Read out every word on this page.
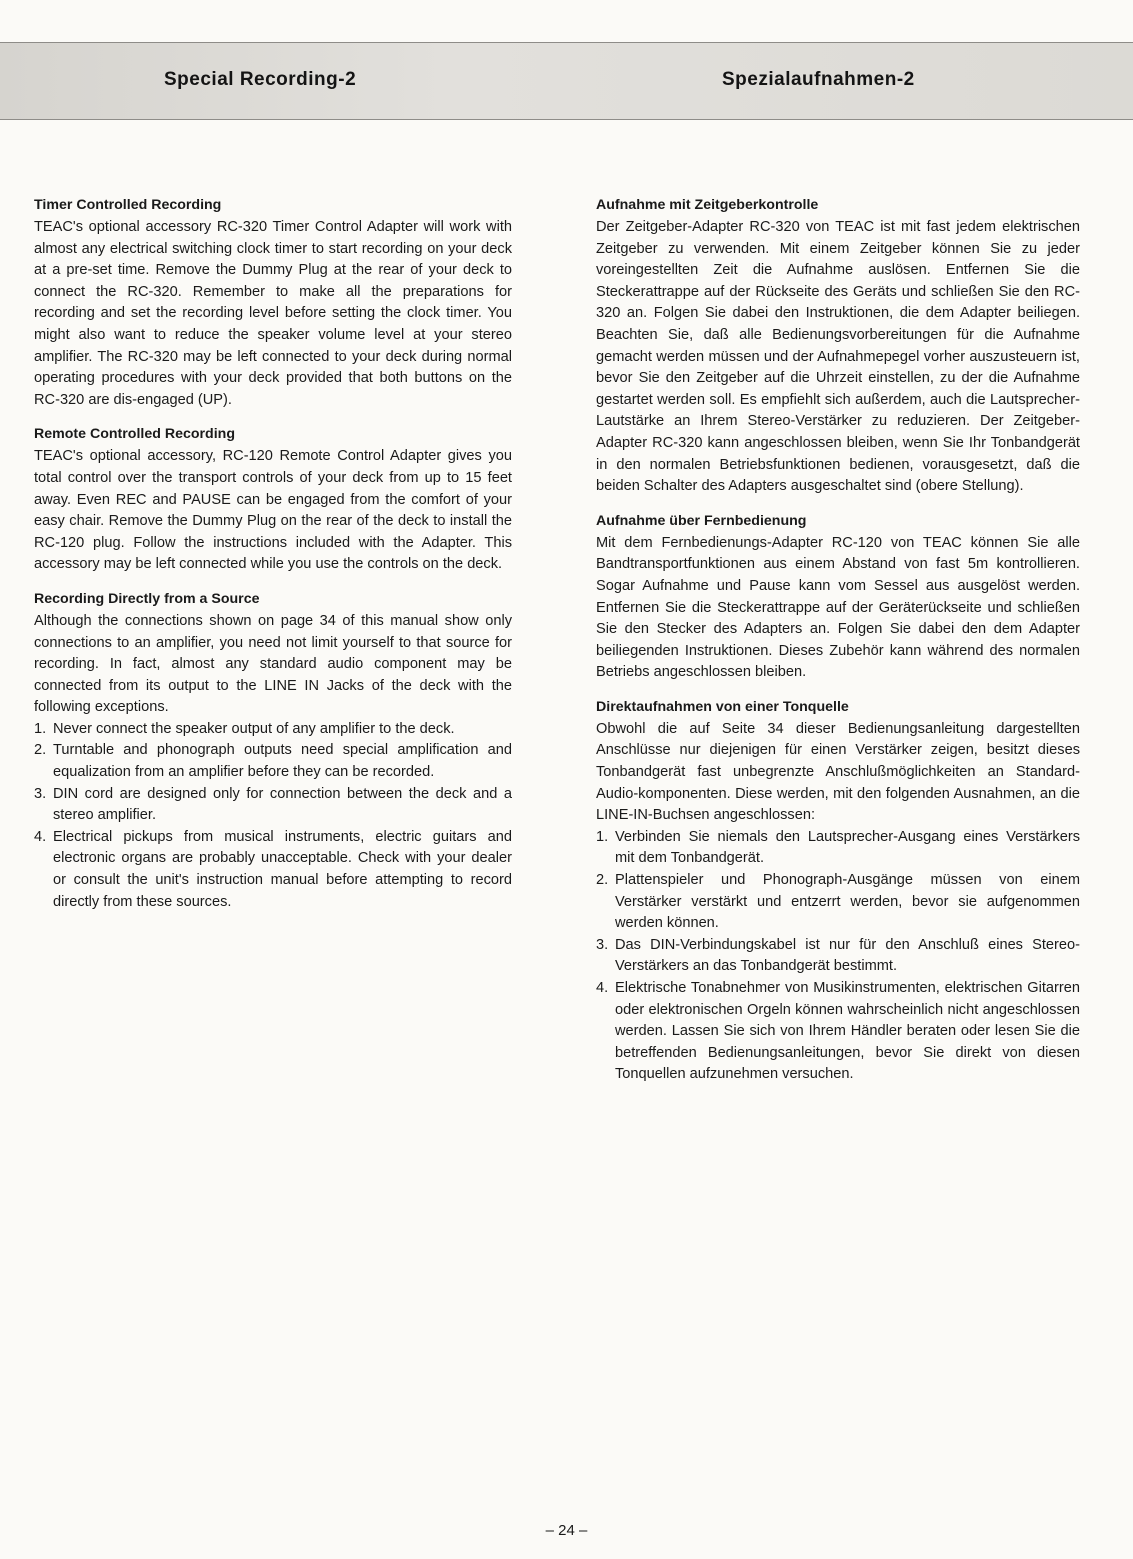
Special Recording-2	Spezialaufnahmen-2
Timer Controlled Recording

TEAC's optional accessory RC-320 Timer Control Adapter will work with almost any electrical switching clock timer to start recording on your deck at a pre-set time. Remove the Dummy Plug at the rear of your deck to connect the RC-320. Remember to make all the preparations for recording and set the recording level before setting the clock timer. You might also want to reduce the speaker volume level at your stereo amplifier. The RC-320 may be left connected to your deck during normal operating procedures with your deck provided that both buttons on the RC-320 are dis-engaged (UP).

Remote Controlled Recording

TEAC's optional accessory, RC-120 Remote Control Adapter gives you total control over the transport controls of your deck from up to 15 feet away. Even REC and PAUSE can be engaged from the comfort of your easy chair. Remove the Dummy Plug on the rear of the deck to install the RC-120 plug. Follow the instructions included with the Adapter. This accessory may be left connected while you use the controls on the deck.

Recording Directly from a Source

Although the connections shown on page 34 of this manual show only connections to an amplifier, you need not limit yourself to that source for recording. In fact, almost any standard audio component may be connected from its output to the LINE IN Jacks of the deck with the following exceptions.

1. Never connect the speaker output of any amplifier to the deck.
2. Turntable and phonograph outputs need special amplification and equalization from an amplifier before they can be recorded.
3. DIN cord are designed only for connection between the deck and a stereo amplifier.
4. Electrical pickups from musical instruments, electric guitars and electronic organs are probably unacceptable. Check with your dealer or consult the unit's instruction manual before attempting to record directly from these sources.
Aufnahme mit Zeitgeberkontrolle

Der Zeitgeber-Adapter RC-320 von TEAC ist mit fast jedem elektrischen Zeitgeber zu verwenden. Mit einem Zeitgeber können Sie zu jeder voreingestellten Zeit die Aufnahme auslösen. Entfernen Sie die Steckerattrappe auf der Rückseite des Geräts und schließen Sie den RC-320 an. Folgen Sie dabei den Instruktionen, die dem Adapter beiliegen. Beachten Sie, daß alle Bedienungsvorbereitungen für die Aufnahme gemacht werden müssen und der Aufnahmepegel vorher auszusteuern ist, bevor Sie den Zeitgeber auf die Uhrzeit einstellen, zu der die Aufnahme gestartet werden soll. Es empfiehlt sich außerdem, auch die Lautsprecher-Lautstärke an Ihrem Stereo-Verstärker zu reduzieren. Der Zeitgeber-Adapter RC-320 kann angeschlossen bleiben, wenn Sie Ihr Tonbandgerät in den normalen Betriebsfunktionen bedienen, vorausgesetzt, daß die beiden Schalter des Adapters ausgeschaltet sind (obere Stellung).

Aufnahme über Fernbedienung

Mit dem Fernbedienungs-Adapter RC-120 von TEAC können Sie alle Bandtransportfunktionen aus einem Abstand von fast 5m kontrollieren. Sogar Aufnahme und Pause kann vom Sessel aus ausgelöst werden. Entfernen Sie die Steckerattrappe auf der Geräterückseite und schließen Sie den Stecker des Adapters an. Folgen Sie dabei den dem Adapter beiliegenden Instruktionen. Dieses Zubehör kann während des normalen Betriebs angeschlossen bleiben.

Direktaufnahmen von einer Tonquelle

Obwohl die auf Seite 34 dieser Bedienungsanleitung dargestellten Anschlüsse nur diejenigen für einen Verstärker zeigen, besitzt dieses Tonbandgerät fast unbegrenzte Anschlußmöglichkeiten an Standard-Audio-komponenten. Diese werden, mit den folgenden Ausnahmen, an die LINE-IN-Buchsen angeschlossen:

1. Verbinden Sie niemals den Lautsprecher-Ausgang eines Verstärkers mit dem Tonbandgerät.
2. Plattenspieler und Phonograph-Ausgänge müssen von einem Verstärker verstärkt und entzerrt werden, bevor sie aufgenommen werden können.
3. Das DIN-Verbindungskabel ist nur für den Anschluß eines Stereo-Verstärkers an das Tonbandgerät bestimmt.
4. Elektrische Tonabnehmer von Musikinstrumenten, elektrischen Gitarren oder elektronischen Orgeln können wahrscheinlich nicht angeschlossen werden. Lassen Sie sich von Ihrem Händler beraten oder lesen Sie die betreffenden Bedienungsanleitungen, bevor Sie direkt von diesen Tonquellen aufzunehmen versuchen.
– 24 –
